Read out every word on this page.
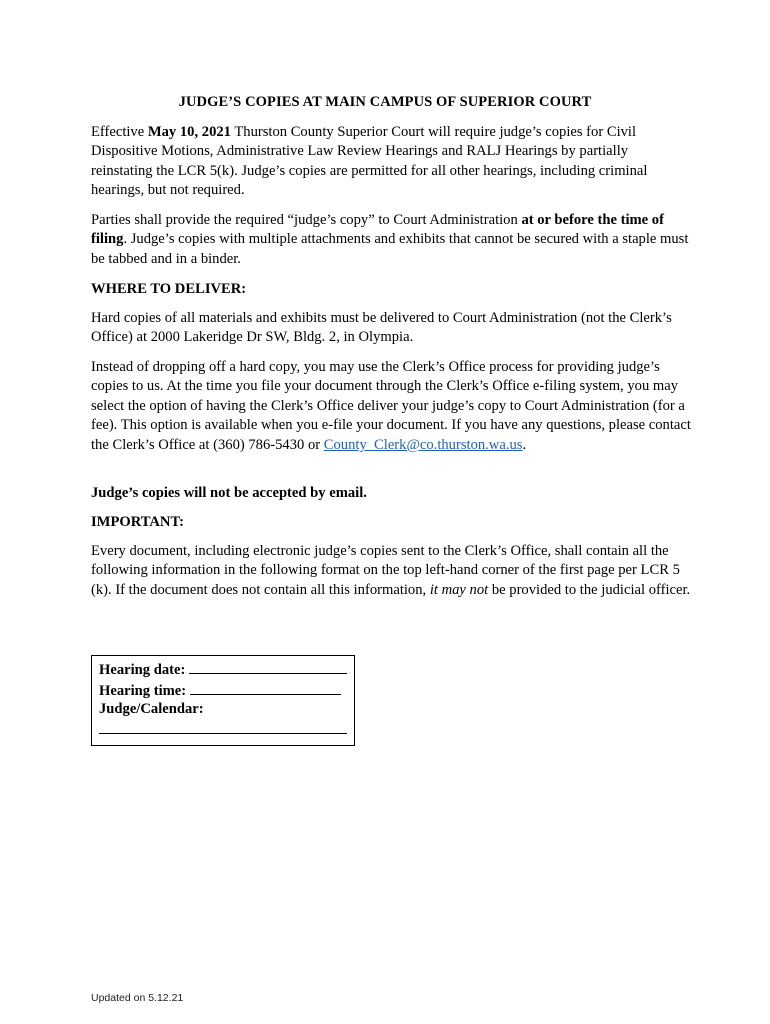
JUDGE’S COPIES AT MAIN CAMPUS OF SUPERIOR COURT
Effective May 10, 2021 Thurston County Superior Court will require judge’s copies for Civil Dispositive Motions, Administrative Law Review Hearings and RALJ Hearings by partially reinstating the LCR 5(k). Judge’s copies are permitted for all other hearings, including criminal hearings, but not required.
Parties shall provide the required “judge’s copy” to Court Administration at or before the time of filing. Judge’s copies with multiple attachments and exhibits that cannot be secured with a staple must be tabbed and in a binder.
WHERE TO DELIVER:
Hard copies of all materials and exhibits must be delivered to Court Administration (not the Clerk’s Office) at 2000 Lakeridge Dr SW, Bldg. 2, in Olympia.
Instead of dropping off a hard copy, you may use the Clerk’s Office process for providing judge’s copies to us. At the time you file your document through the Clerk’s Office e-filing system, you may select the option of having the Clerk’s Office deliver your judge’s copy to Court Administration (for a fee). This option is available when you e-file your document. If you have any questions, please contact the Clerk’s Office at (360) 786-5430 or County_Clerk@co.thurston.wa.us.
Judge’s copies will not be accepted by email.
IMPORTANT:
Every document, including electronic judge’s copies sent to the Clerk’s Office, shall contain all the following information in the following format on the top left-hand corner of the first page per LCR 5 (k). If the document does not contain all this information, it may not be provided to the judicial officer.
Hearing date:
Hearing time:
Judge/Calendar:
Updated on 5.12.21
